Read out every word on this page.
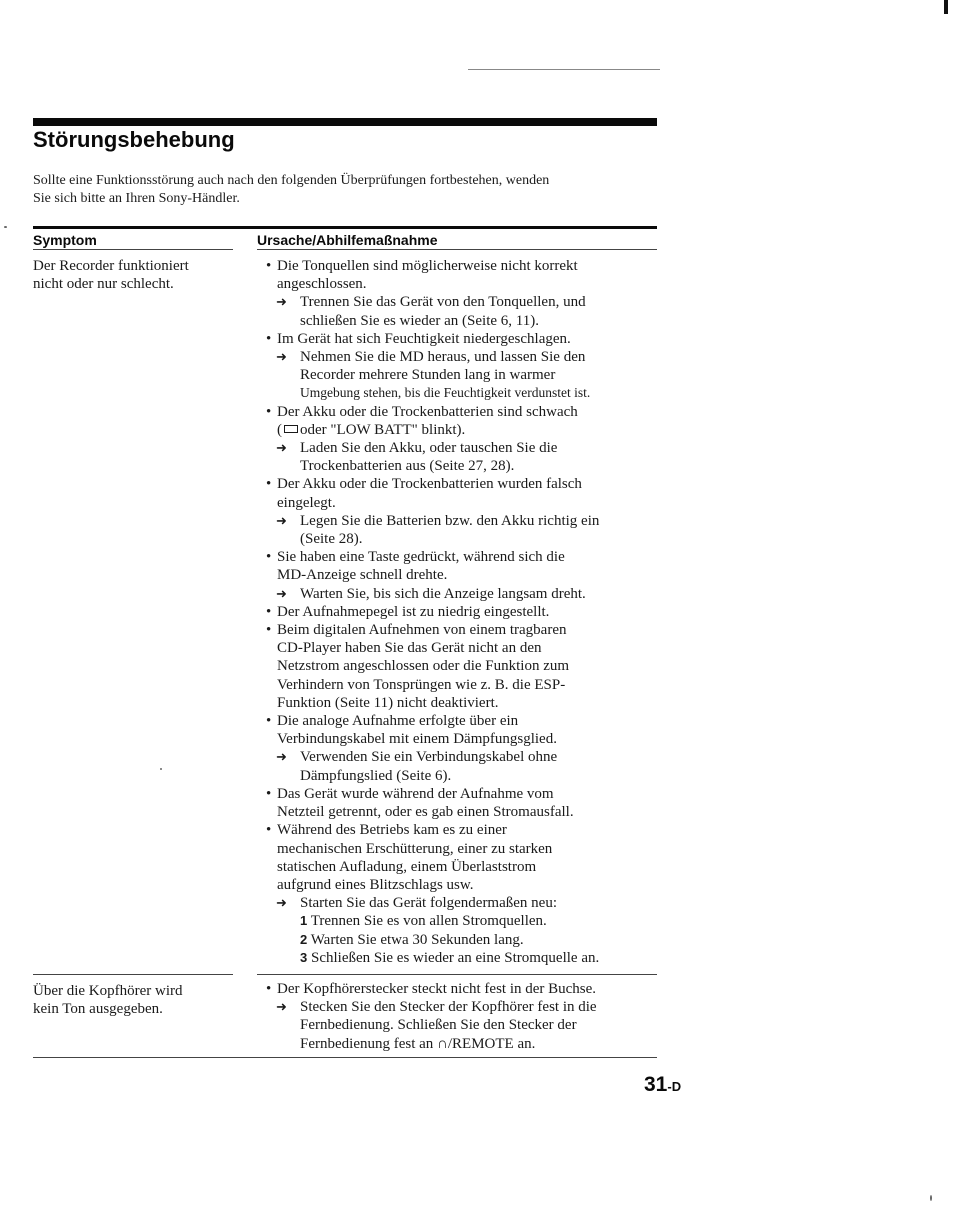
Störungsbehebung

Sollte eine Funktionsstörung auch nach den folgenden Überprüfungen fortbestehen, wenden

Sie sich bitte an Ihren Sony-Händler.

Symptom	Ursache/Abhilfemaßnahme

Der Recorder funktioniert

nicht oder nur schlecht.

• Die Tonquellen sind möglicherweise nicht korrekt
angeschlossen.
➜ Trennen Sie das Gerät von den Tonquellen, und
schließen Sie es wieder an (Seite 6, 11).
• Im Gerät hat sich Feuchtigkeit niedergeschlagen.
➜ Nehmen Sie die MD heraus, und lassen Sie den
Recorder mehrere Stunden lang in warmer
Umgebung stehen, bis die Feuchtigkeit verdunstet ist.
• Der Akku oder die Trockenbatterien sind schwach
( oder "LOW BATT" blinkt).
➜ Laden Sie den Akku, oder tauschen Sie die
Trockenbatterien aus (Seite 27, 28).
• Der Akku oder die Trockenbatterien wurden falsch
eingelegt.
➜ Legen Sie die Batterien bzw. den Akku richtig ein
(Seite 28).
• Sie haben eine Taste gedrückt, während sich die
MD-Anzeige schnell drehte.
➜ Warten Sie, bis sich die Anzeige langsam dreht.
• Der Aufnahmepegel ist zu niedrig eingestellt.
• Beim digitalen Aufnehmen von einem tragbaren
CD-Player haben Sie das Gerät nicht an den
Netzstrom angeschlossen oder die Funktion zum
Verhindern von Tonsprüngen wie z. B. die ESP-
Funktion (Seite 11) nicht deaktiviert.
• Die analoge Aufnahme erfolgte über ein
Verbindungskabel mit einem Dämpfungsglied.
➜ Verwenden Sie ein Verbindungskabel ohne
Dämpfungslied (Seite 6).
• Das Gerät wurde während der Aufnahme vom
Netzteil getrennt, oder es gab einen Stromausfall.
• Während des Betriebs kam es zu einer
mechanischen Erschütterung, einer zu starken
statischen Aufladung, einem Überlaststrom
aufgrund eines Blitzschlags usw.
➜ Starten Sie das Gerät folgendermaßen neu:
1 Trennen Sie es von allen Stromquellen.
2 Warten Sie etwa 30 Sekunden lang.
3 Schließen Sie es wieder an eine Stromquelle an.

Über die Kopfhörer wird

kein Ton ausgegeben.

• Der Kopfhörerstecker steckt nicht fest in der Buchse.
➜ Stecken Sie den Stecker der Kopfhörer fest in die
Fernbedienung. Schließen Sie den Stecker der
Fernbedienung fest an ∩/REMOTE an.
31-D
